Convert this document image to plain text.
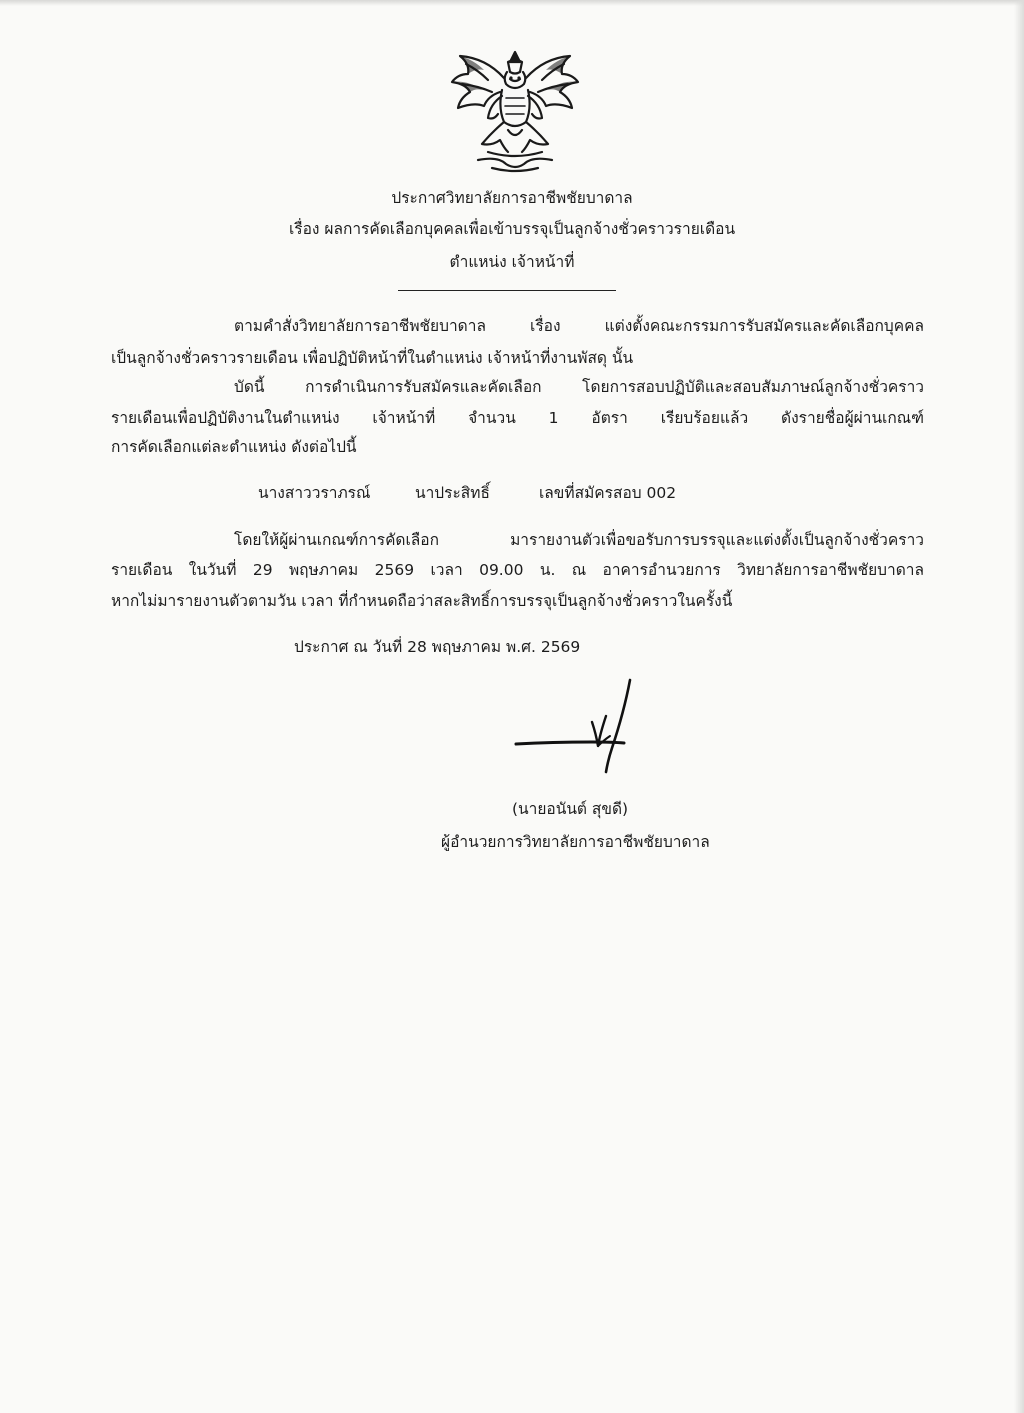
ประกาศวิทยาลัยการอาชีพชัยบาดาล
เรื่อง ผลการคัดเลือกบุคคลเพื่อเข้าบรรจุเป็นลูกจ้างชั่วคราวรายเดือน
ตำแหน่ง เจ้าหน้าที่
ตามคำสั่งวิทยาลัยการอาชีพชัยบาดาล เรื่อง แต่งตั้งคณะกรรมการรับสมัครและคัดเลือกบุคคล
เป็นลูกจ้างชั่วคราวรายเดือน เพื่อปฏิบัติหน้าที่ในตำแหน่ง เจ้าหน้าที่งานพัสดุ นั้น
บัดนี้ การดำเนินการรับสมัครและคัดเลือก โดยการสอบปฏิบัติและสอบสัมภาษณ์ลูกจ้างชั่วคราว
รายเดือนเพื่อปฏิบัติงานในตำแหน่ง เจ้าหน้าที่ จำนวน 1 อัตรา เรียบร้อยแล้ว ดังรายชื่อผู้ผ่านเกณฑ์
การคัดเลือกแต่ละตำแหน่ง ดังต่อไปนี้
นางสาววราภรณ์	นาประสิทธิ์	เลขที่สมัครสอบ 002
โดยให้ผู้ผ่านเกณฑ์การคัดเลือก มารายงานตัวเพื่อขอรับการบรรจุและแต่งตั้งเป็นลูกจ้างชั่วคราว
รายเดือน ในวันที่ 29 พฤษภาคม 2569 เวลา 09.00 น. ณ อาคารอำนวยการ วิทยาลัยการอาชีพชัยบาดาล
หากไม่มารายงานตัวตามวัน เวลา ที่กำหนดถือว่าสละสิทธิ์การบรรจุเป็นลูกจ้างชั่วคราวในครั้งนี้
ประกาศ ณ วันที่ 28 พฤษภาคม พ.ศ. 2569
(นายอนันต์ สุขดี)
ผู้อำนวยการวิทยาลัยการอาชีพชัยบาดาล
